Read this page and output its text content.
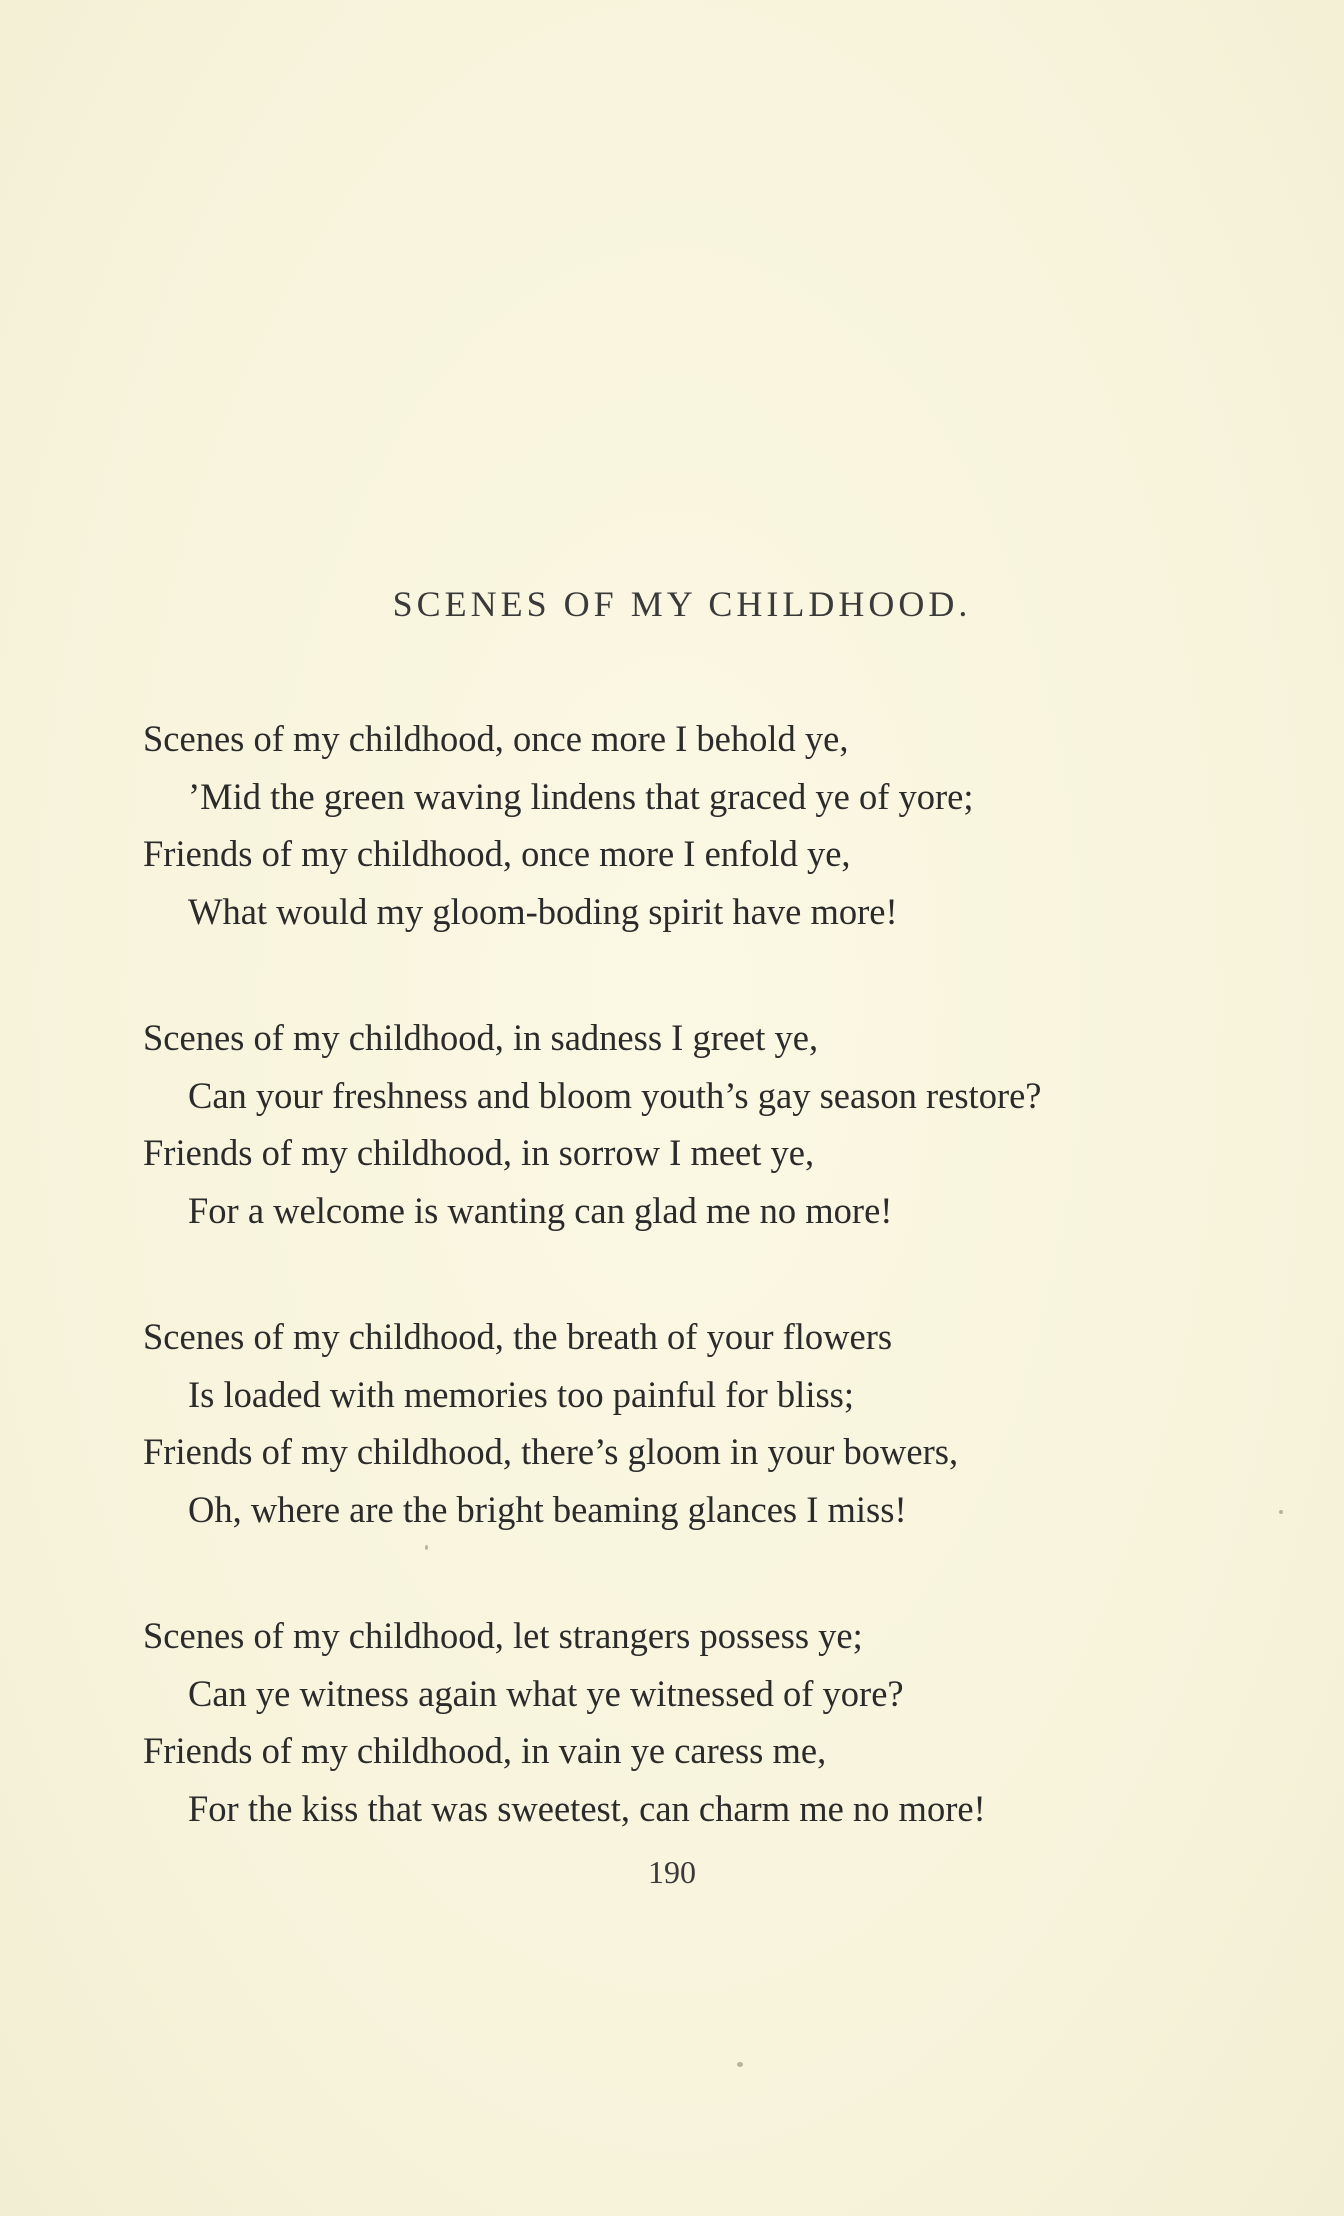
SCENES OF MY CHILDHOOD.
Scenes of my childhood, once more I behold ye,
’Mid the green waving lindens that graced ye of yore;
Friends of my childhood, once more I enfold ye,
What would my gloom-boding spirit have more!
Scenes of my childhood, in sadness I greet ye,
Can your freshness and bloom youth’s gay season restore?
Friends of my childhood, in sorrow I meet ye,
For a welcome is wanting can glad me no more!
Scenes of my childhood, the breath of your flowers
Is loaded with memories too painful for bliss;
Friends of my childhood, there’s gloom in your bowers,
Oh, where are the bright beaming glances I miss!
Scenes of my childhood, let strangers possess ye;
Can ye witness again what ye witnessed of yore?
Friends of my childhood, in vain ye caress me,
For the kiss that was sweetest, can charm me no more!
190
